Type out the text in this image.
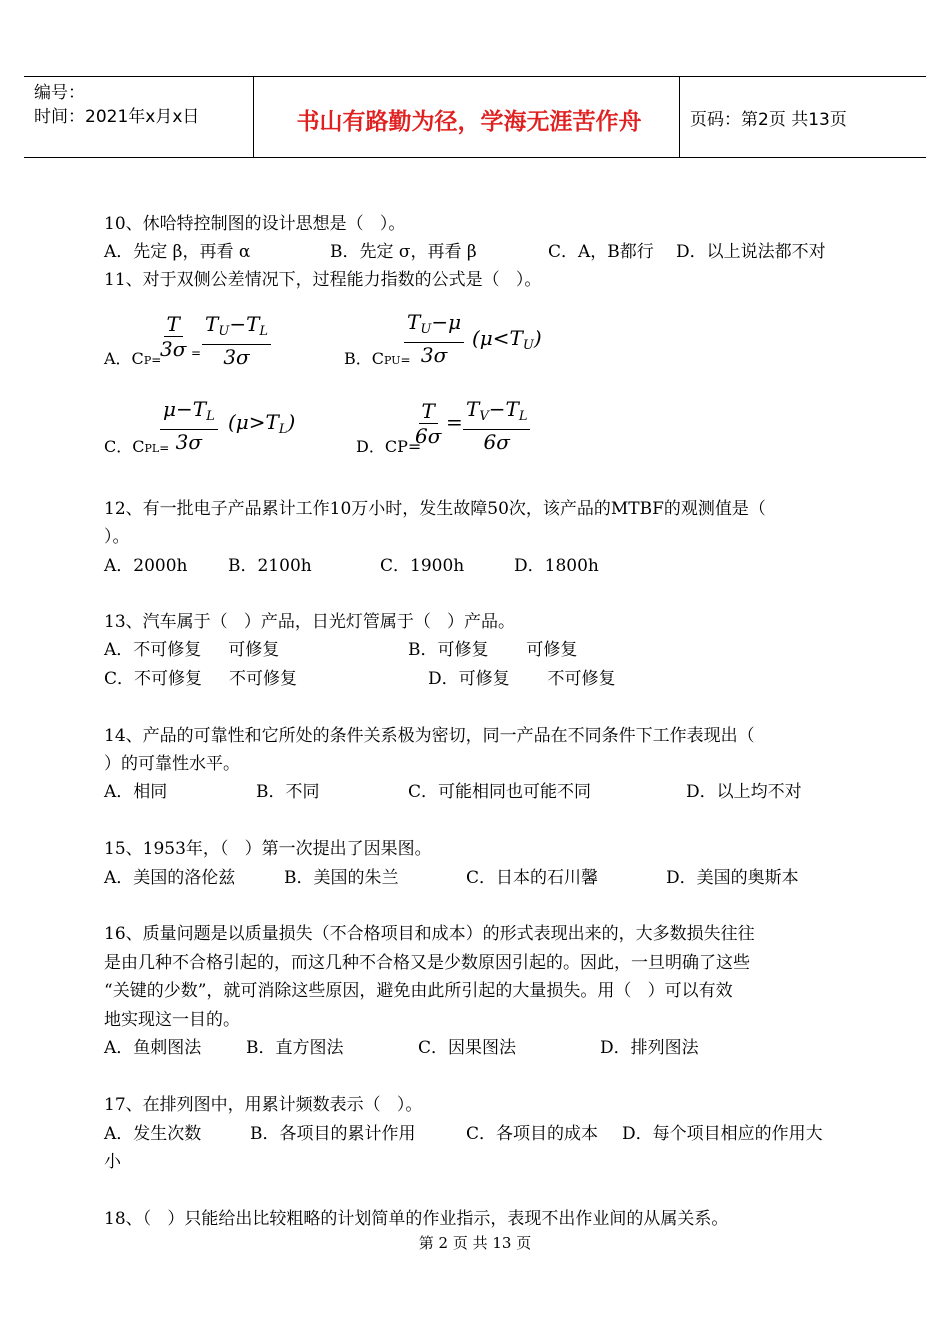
编号：
时间：2021年x月x日	书山有路勤为径，学海无涯苦作舟	页码：第2页 共13页
10、休哈特控制图的设计思想是（   ）。
A．先定 β，再看 α	B．先定 σ，再看 β	C．A，B都行 D．以上说法都不对
11、对于双侧公差情况下，过程能力指数的公式是（   ）。
A．CP=
$\frac{T}{3\sigma} = \frac{T_U-T_L}{3\sigma}$	B．CPU=
$\frac{T_U-\mu}{3\sigma} (\mu<T_U)$
C．CPL=
$\frac{\mu-T_L}{3\sigma} (\mu>T_L)$
D．CP=
$\frac{T}{6\sigma} = \frac{T_V-T_L}{6\sigma}$
12、有一批电子产品累计工作10万小时，发生故障50次，该产品的MTBF的观测值是（
）。
A．2000h B．2100h	C．1900h	D．1800h
13、汽车属于（   ）产品，日光灯管属于（   ）产品。
A．不可修复     可修复	B．可修复       可修复
C．不可修复     不可修复	D．可修复       不可修复
14、产品的可靠性和它所处的条件关系极为密切，同一产品在不同条件下工作表现出（
）的可靠性水平。
A．相同	B．不同	C．可能相同也可能不同	D．以上均不对
15、1953年，（   ）第一次提出了因果图。
A．美国的洛伦兹	B．美国的朱兰	C．日本的石川馨	D．美国的奥斯本
16、质量问题是以质量损失（不合格项目和成本）的形式表现出来的，大多数损失往往
是由几种不合格引起的，而这几种不合格又是少数原因引起的。因此，一旦明确了这些
“关键的少数”，就可消除这些原因，避免由此所引起的大量损失。用（   ）可以有效
地实现这一目的。
A．鱼刺图法	B．直方图法	C．因果图法	D．排列图法
17、在排列图中，用累计频数表示（   ）。
A．发生次数	B．各项目的累计作用	C．各项目的成本 D．每个项目相应的作用大
小
18、（   ）只能给出比较粗略的计划简单的作业指示，表现不出作业间的从属关系。
第 2 页 共 13 页
